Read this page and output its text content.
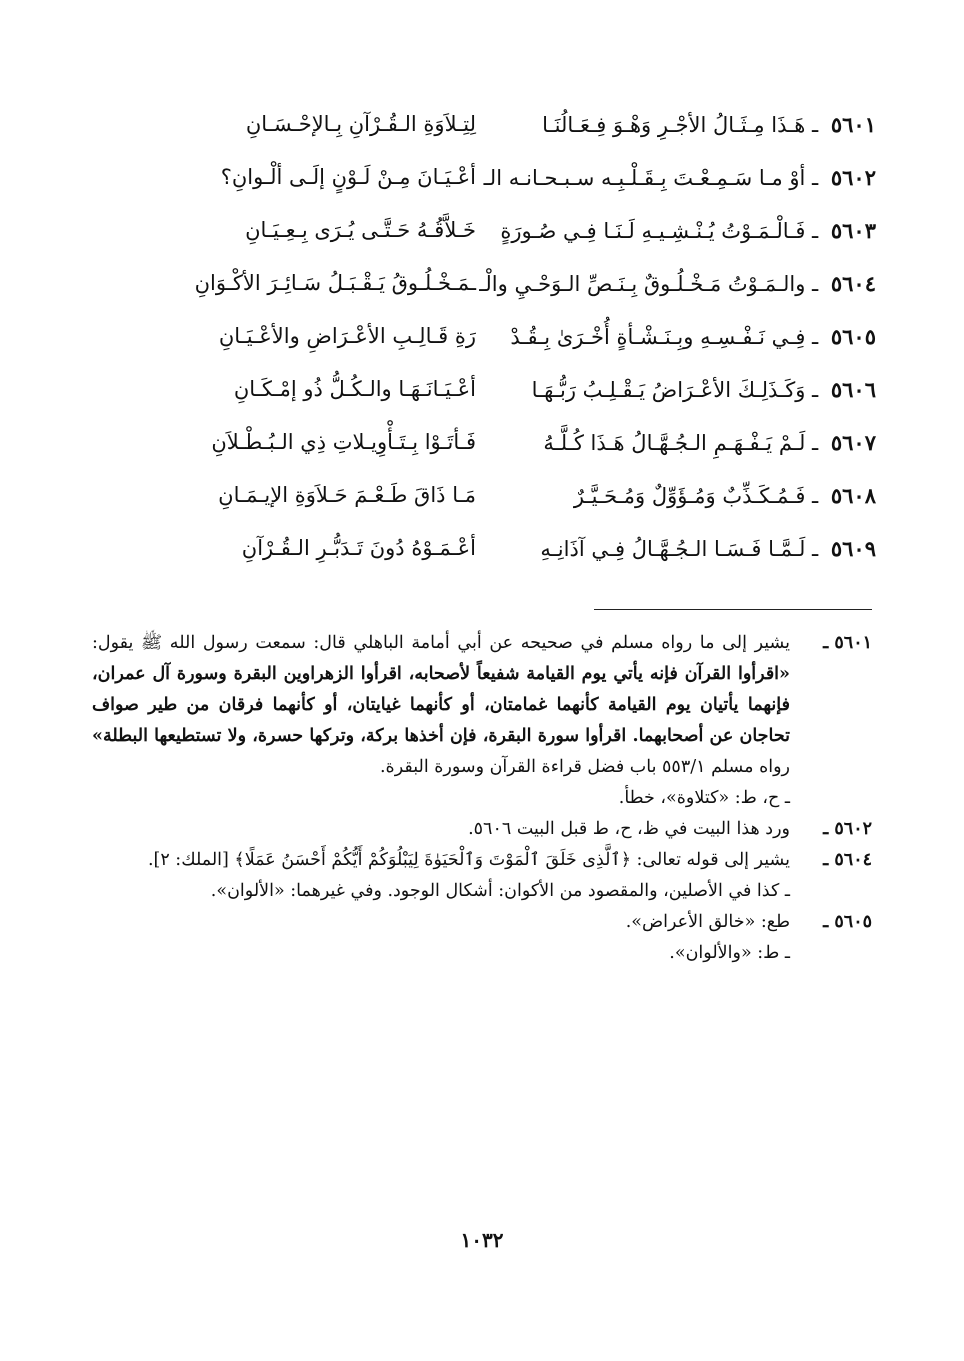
٥٦٠١ ـ هَـذَا مِـثَـالُ الأجْـرِ وَهْـوَ فِـعَـالُنَـا
لِتِـلاَوَةِ الـقُـرْآنِ بِـالإحْـسَـانِ
٥٦٠٢ ـ أوْ مـا سَـمِـعْـتَ بِـقَـلْـبِـه سـبـحـانـه الـ
أعْـيَـانَ مِـنْ لَـوْنٍ إلَـى ألْـوانِ؟
٥٦٠٣ ـ فَـالْـمَـوْتُ يُـنْـشِـيـهِ لَـنَـا فِـي صُـورَةٍ
خَـلاَّقُـهُ حَـتَّـى يُـرَى بِـعِـيَـانِ
٥٦٠٤ ـ والـمَـوْتُ مَـخْـلُـوقٌ بِـنَـصِّ الـوَحْـيِ والْـ
ـمَـخْـلُـوقُ يَـقْـبَـلُ سَـائِـرَ الأكْـوَانِ
٥٦٠٥ ـ فِـي نَـفْـسِـهِ وبِـنَـشْـأةٍ أُخْـرَىٰ بِـقُـدْ
رَةِ قَـالِـبِ الأعْـرَاضِ والأعْـيَـانِ
٥٦٠٦ ـ وَكَـذَلِـكَ الأعْـرَاضُ يَـقْـلِـبُ رَبُّـهَـا
أعْـيَـانَـهَـا والـكُـلُّ ذُو إمْـكَـانِ
٥٦٠٧ ـ لَـمْ يَـفْـهَـمِ الـجُـهَّـالُ هَـذَا كُـلَّـهُ
فَـأتَـوْا بِـتَـأْوِيـلاتِ ذِي الـبُـطْـلاَنِ
٥٦٠٨ ـ فَـمُـكَـذِّبٌ وَمُـؤَوِّلٌ وَمُـحَـيَّـرٌ
مَـا ذَاقَ طَـعْـمَ حَـلاَوَةِ الإيـمَـانِ
٥٦٠٩ ـ لَـمَّـا فَـسَـا الـجُـهَّـالُ فِـي آذَانِـهِ
أعْـمَـوْهُ دُونَ تَـدَبُّـرِ الـقُـرْآنِ

٥٦٠١ ـ
يشير إلى ما رواه مسلم في صحيحه عن أبي أمامة الباهلي قال: سمعت رسول الله ﷺ يقول: «اقرأوا القرآن فإنه يأتي يوم القيامة شفيعاً لأصحابه، اقرأوا الزهراوين البقرة وسورة آل عمران، فإنهما يأتيان يوم القيامة كأنهما غمامتان، أو كأنهما غيايتان، أو كأنهما فرقان من طير صواف تحاجان عن أصحابهما. اقرأوا سورة البقرة، فإن أخذها بركة، وتركها حسرة، ولا تستطيعها البطلة» رواه مسلم ٥٥٣/١ باب فضل قراءة القرآن وسورة البقرة.

ـ ح، ط: «كتلاوة»، خطأ.

٥٦٠٢ ـ
ورد هذا البيت في ظ، ح، ط قبل البيت ٥٦٠٦.

٥٦٠٤ ـ
يشير إلى قوله تعالى: ﴿ٱلَّذِى خَلَقَ ٱلْمَوْتَ وَٱلْحَيَوٰةَ لِيَبْلُوَكُمْ أَيُّكُمْ أَحْسَنُ عَمَلًا﴾ [الملك: ٢].

ـ كذا في الأصلين، والمقصود من الأكوان: أشكال الوجود. وفي غيرهما: «الألوان».

٥٦٠٥ ـ
طع: «خالق الأعراض».

ـ ط: «والألوان».

١٠٣٢
